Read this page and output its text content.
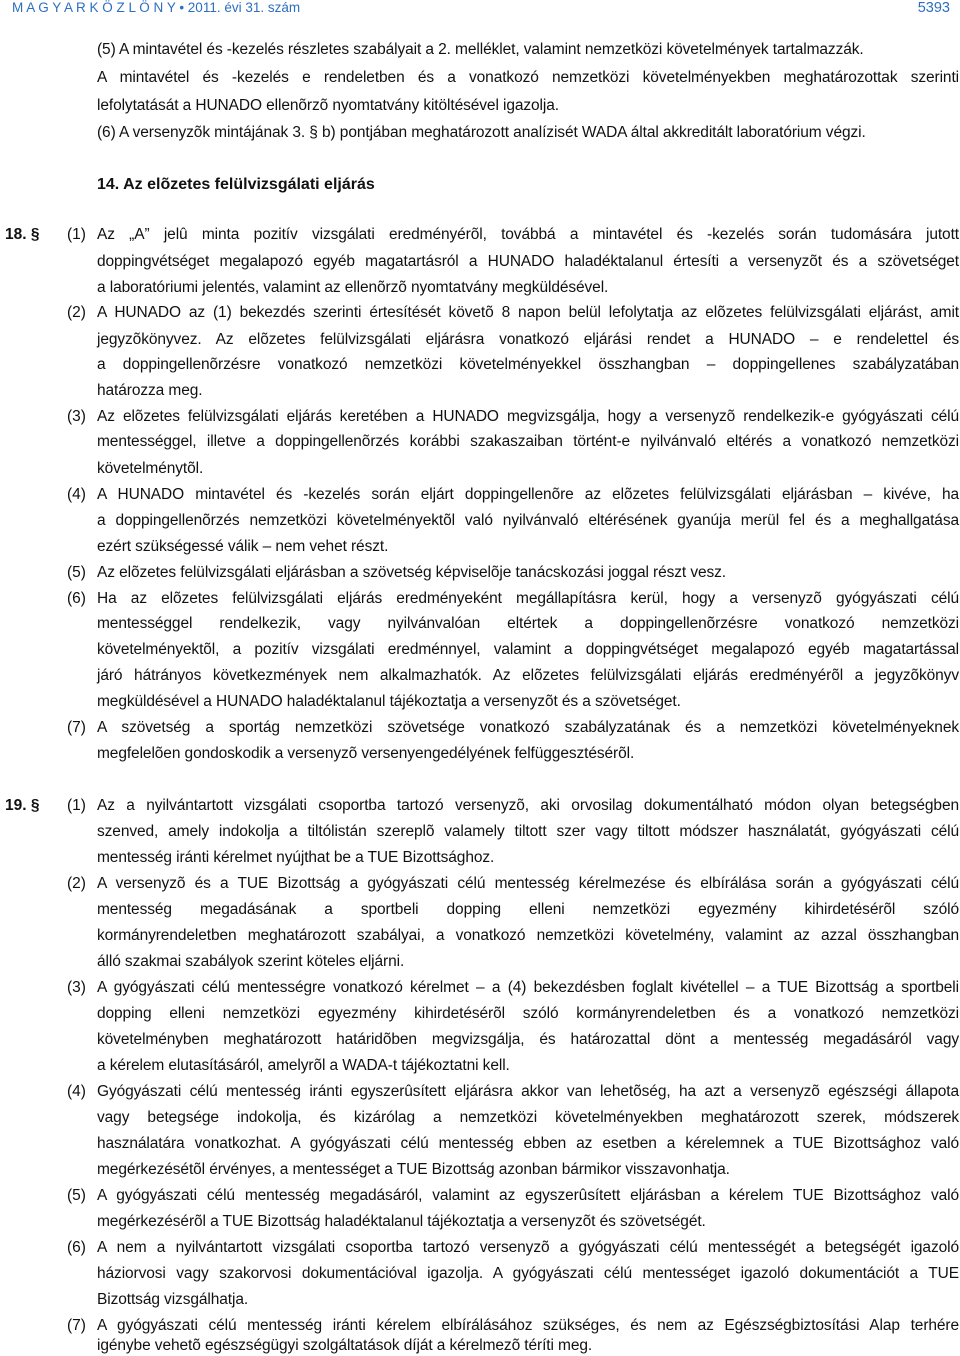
M A G Y A R K Ö Z L Ö N Y • 2011. évi 31. szám	5393
(5) A mintavétel és -kezelés részletes szabályait a 2. melléklet, valamint nemzetközi követelmények tartalmazzák.
A mintavétel és -kezelés e rendeletben és a vonatkozó nemzetközi követelményekben meghatározottak szerinti
lefolytatását a HUNADO ellenõrzõ nyomtatvány kitöltésével igazolja.
(6) A versenyzõk mintájának 3. § b) pontjában meghatározott analízisét WADA által akkreditált laboratórium végzi.
14. Az elõzetes felülvizsgálati eljárás
18. § (1) Az „A” jelû minta pozitív vizsgálati eredményérõl, továbbá a mintavétel és -kezelés során tudomására jutott
doppingvétséget megalapozó egyéb magatartásról a HUNADO haladéktalanul értesíti a versenyzõt és a szövetséget
a laboratóriumi jelentés, valamint az ellenõrzõ nyomtatvány megküldésével.
(2) A HUNADO az (1) bekezdés szerinti értesítését követõ 8 napon belül lefolytatja az elõzetes felülvizsgálati eljárást, amit
jegyzõkönyvez. Az elõzetes felülvizsgálati eljárásra vonatkozó eljárási rendet a HUNADO – e rendelettel és
a doppingellenõrzésre vonatkozó nemzetközi követelményekkel összhangban – doppingellenes szabályzatában
határozza meg.
(3) Az elõzetes felülvizsgálati eljárás keretében a HUNADO megvizsgálja, hogy a versenyzõ rendelkezik-e gyógyászati célú
mentességgel, illetve a doppingellenõrzés korábbi szakaszaiban történt-e nyilvánvaló eltérés a vonatkozó nemzetközi
követelménytõl.
(4) A HUNADO mintavétel és -kezelés során eljárt doppingellenõre az elõzetes felülvizsgálati eljárásban – kivéve, ha
a doppingellenõrzés nemzetközi követelményektõl való nyilvánvaló eltérésének gyanúja merül fel és a meghallgatása
ezért szükségessé válik – nem vehet részt.
(5) Az elõzetes felülvizsgálati eljárásban a szövetség képviselõje tanácskozási joggal részt vesz.
(6) Ha az elõzetes felülvizsgálati eljárás eredményeként megállapításra kerül, hogy a versenyzõ gyógyászati célú
mentességgel rendelkezik, vagy nyilvánvalóan eltértek a doppingellenõrzésre vonatkozó nemzetközi
követelményektõl, a pozitív vizsgálati eredménnyel, valamint a doppingvétséget megalapozó egyéb magatartással
járó hátrányos következmények nem alkalmazhatók. Az elõzetes felülvizsgálati eljárás eredményérõl a jegyzõkönyv
megküldésével a HUNADO haladéktalanul tájékoztatja a versenyzõt és a szövetséget.
(7) A szövetség a sportág nemzetközi szövetsége vonatkozó szabályzatának és a nemzetközi követelményeknek
megfelelõen gondoskodik a versenyzõ versenyengedélyének felfüggesztésérõl.
19. § (1) Az a nyilvántartott vizsgálati csoportba tartozó versenyzõ, aki orvosilag dokumentálható módon olyan betegségben
szenved, amely indokolja a tiltólistán szereplõ valamely tiltott szer vagy tiltott módszer használatát, gyógyászati célú
mentesség iránti kérelmet nyújthat be a TUE Bizottsághoz.
(2) A versenyzõ és a TUE Bizottság a gyógyászati célú mentesség kérelmezése és elbírálása során a gyógyászati célú
mentesség megadásának a sportbeli dopping elleni nemzetközi egyezmény kihirdetésérõl szóló
kormányrendeletben meghatározott szabályai, a vonatkozó nemzetközi követelmény, valamint az azzal összhangban
álló szakmai szabályok szerint köteles eljárni.
(3) A gyógyászati célú mentességre vonatkozó kérelmet – a (4) bekezdésben foglalt kivétellel – a TUE Bizottság a sportbeli
dopping elleni nemzetközi egyezmény kihirdetésérõl szóló kormányrendeletben és a vonatkozó nemzetközi
követelményben meghatározott határidõben megvizsgálja, és határozattal dönt a mentesség megadásáról vagy
a kérelem elutasításáról, amelyrõl a WADA-t tájékoztatni kell.
(4) Gyógyászati célú mentesség iránti egyszerûsített eljárásra akkor van lehetõség, ha azt a versenyzõ egészségi állapota
vagy betegsége indokolja, és kizárólag a nemzetközi követelményekben meghatározott szerek, módszerek
használatára vonatkozhat. A gyógyászati célú mentesség ebben az esetben a kérelemnek a TUE Bizottsághoz való
megérkezésétõl érvényes, a mentességet a TUE Bizottság azonban bármikor visszavonhatja.
(5) A gyógyászati célú mentesség megadásáról, valamint az egyszerûsített eljárásban a kérelem TUE Bizottsághoz való
megérkezésérõl a TUE Bizottság haladéktalanul tájékoztatja a versenyzõt és szövetségét.
(6) A nem a nyilvántartott vizsgálati csoportba tartozó versenyzõ a gyógyászati célú mentességét a betegségét igazoló
háziorvosi vagy szakorvosi dokumentációval igazolja. A gyógyászati célú mentességet igazoló dokumentációt a TUE
Bizottság vizsgálhatja.
(7) A gyógyászati célú mentesség iránti kérelem elbírálásához szükséges, és nem az Egészségbiztosítási Alap terhére
igénybe vehetõ egészségügyi szolgáltatások díját a kérelmezõ téríti meg.
